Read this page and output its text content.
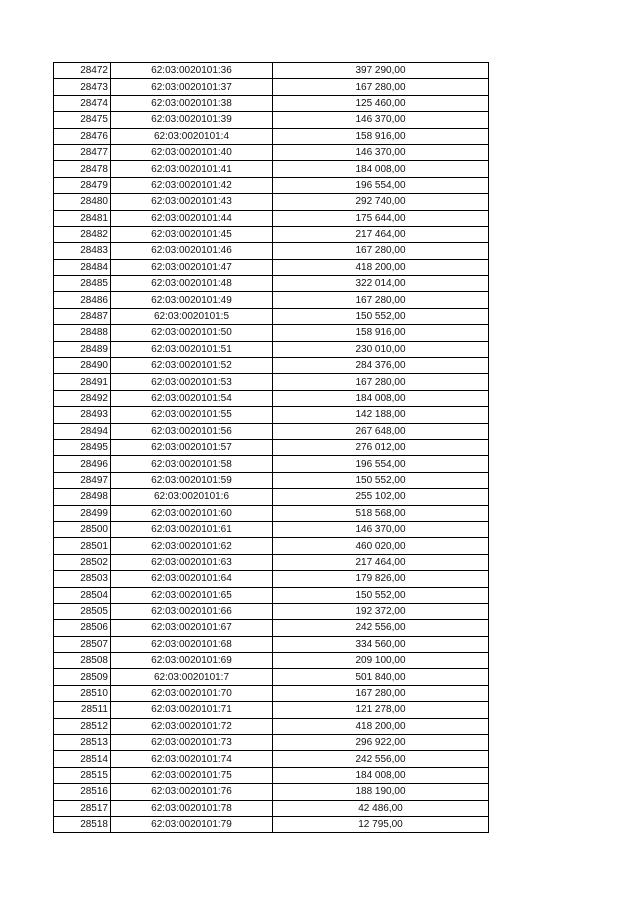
28472	62:03:0020101:36	397 290,00
28473	62:03:0020101:37	167 280,00
28474	62:03:0020101:38	125 460,00
28475	62:03:0020101:39	146 370,00
28476	62:03:0020101:4	158 916,00
28477	62:03:0020101:40	146 370,00
28478	62:03:0020101:41	184 008,00
28479	62:03:0020101:42	196 554,00
28480	62:03:0020101:43	292 740,00
28481	62:03:0020101:44	175 644,00
28482	62:03:0020101:45	217 464,00
28483	62:03:0020101:46	167 280,00
28484	62:03:0020101:47	418 200,00
28485	62:03:0020101:48	322 014,00
28486	62:03:0020101:49	167 280,00
28487	62:03:0020101:5	150 552,00
28488	62:03:0020101:50	158 916,00
28489	62:03:0020101:51	230 010,00
28490	62:03:0020101:52	284 376,00
28491	62:03:0020101:53	167 280,00
28492	62:03:0020101:54	184 008,00
28493	62:03:0020101:55	142 188,00
28494	62:03:0020101:56	267 648,00
28495	62:03:0020101:57	276 012,00
28496	62:03:0020101:58	196 554,00
28497	62:03:0020101:59	150 552,00
28498	62:03:0020101:6	255 102,00
28499	62:03:0020101:60	518 568,00
28500	62:03:0020101:61	146 370,00
28501	62:03:0020101:62	460 020,00
28502	62:03:0020101:63	217 464,00
28503	62:03:0020101:64	179 826,00
28504	62:03:0020101:65	150 552,00
28505	62:03:0020101:66	192 372,00
28506	62:03:0020101:67	242 556,00
28507	62:03:0020101:68	334 560,00
28508	62:03:0020101:69	209 100,00
28509	62:03:0020101:7	501 840,00
28510	62:03:0020101:70	167 280,00
28511	62:03:0020101:71	121 278,00
28512	62:03:0020101:72	418 200,00
28513	62:03:0020101:73	296 922,00
28514	62:03:0020101:74	242 556,00
28515	62:03:0020101:75	184 008,00
28516	62:03:0020101:76	188 190,00
28517	62:03:0020101:78	42 486,00
28518	62:03:0020101:79	12 795,00
